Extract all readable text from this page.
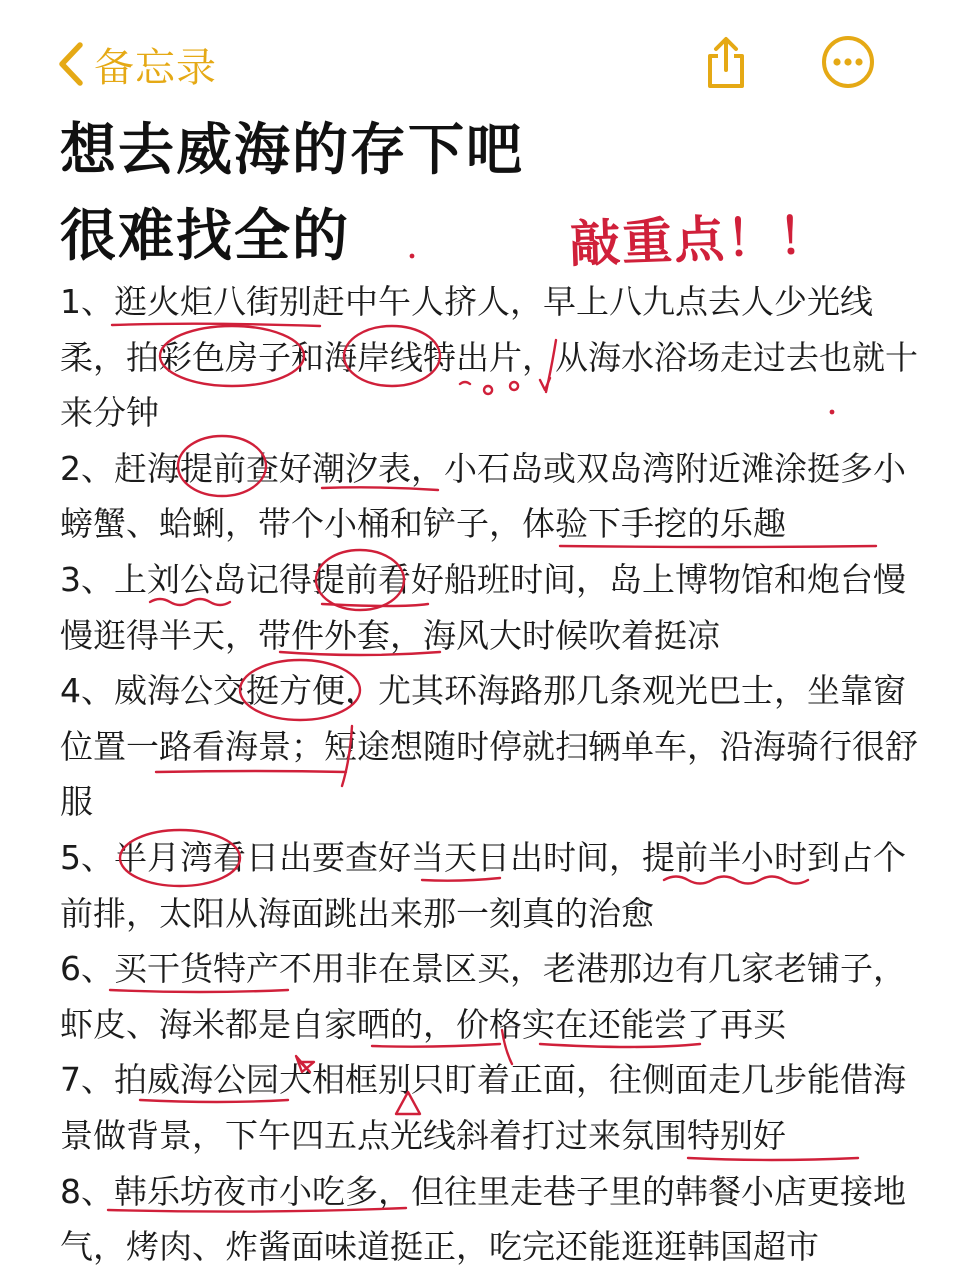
备忘录
想去威海的存下吧
很难找全的	敲重点！！

1、逛火炬八街别赶中午人挤人，早上八九点去人少光线柔，拍彩色房子和海岸线特出片，从海水浴场走过去也就十来分钟

2、赶海提前查好潮汐表，小石岛或双岛湾附近滩涂挺多小螃蟹、蛤蜊，带个小桶和铲子，体验下手挖的乐趣

3、上刘公岛记得提前看好船班时间，岛上博物馆和炮台慢慢逛得半天，带件外套，海风大时候吹着挺凉

4、威海公交挺方便，尤其环海路那几条观光巴士，坐靠窗位置一路看海景；短途想随时停就扫辆单车，沿海骑行很舒服

5、半月湾看日出要查好当天日出时间，提前半小时到占个前排，太阳从海面跳出来那一刻真的治愈

6、买干货特产不用非在景区买，老港那边有几家老铺子，虾皮、海米都是自家晒的，价格实在还能尝了再买

7、拍威海公园大相框别只盯着正面，往侧面走几步能借海景做背景，下午四五点光线斜着打过来氛围特别好

8、韩乐坊夜市小吃多，但往里走巷子里的韩餐小店更接地气，烤肉、炸酱面味道挺正，吃完还能逛逛韩国超市
